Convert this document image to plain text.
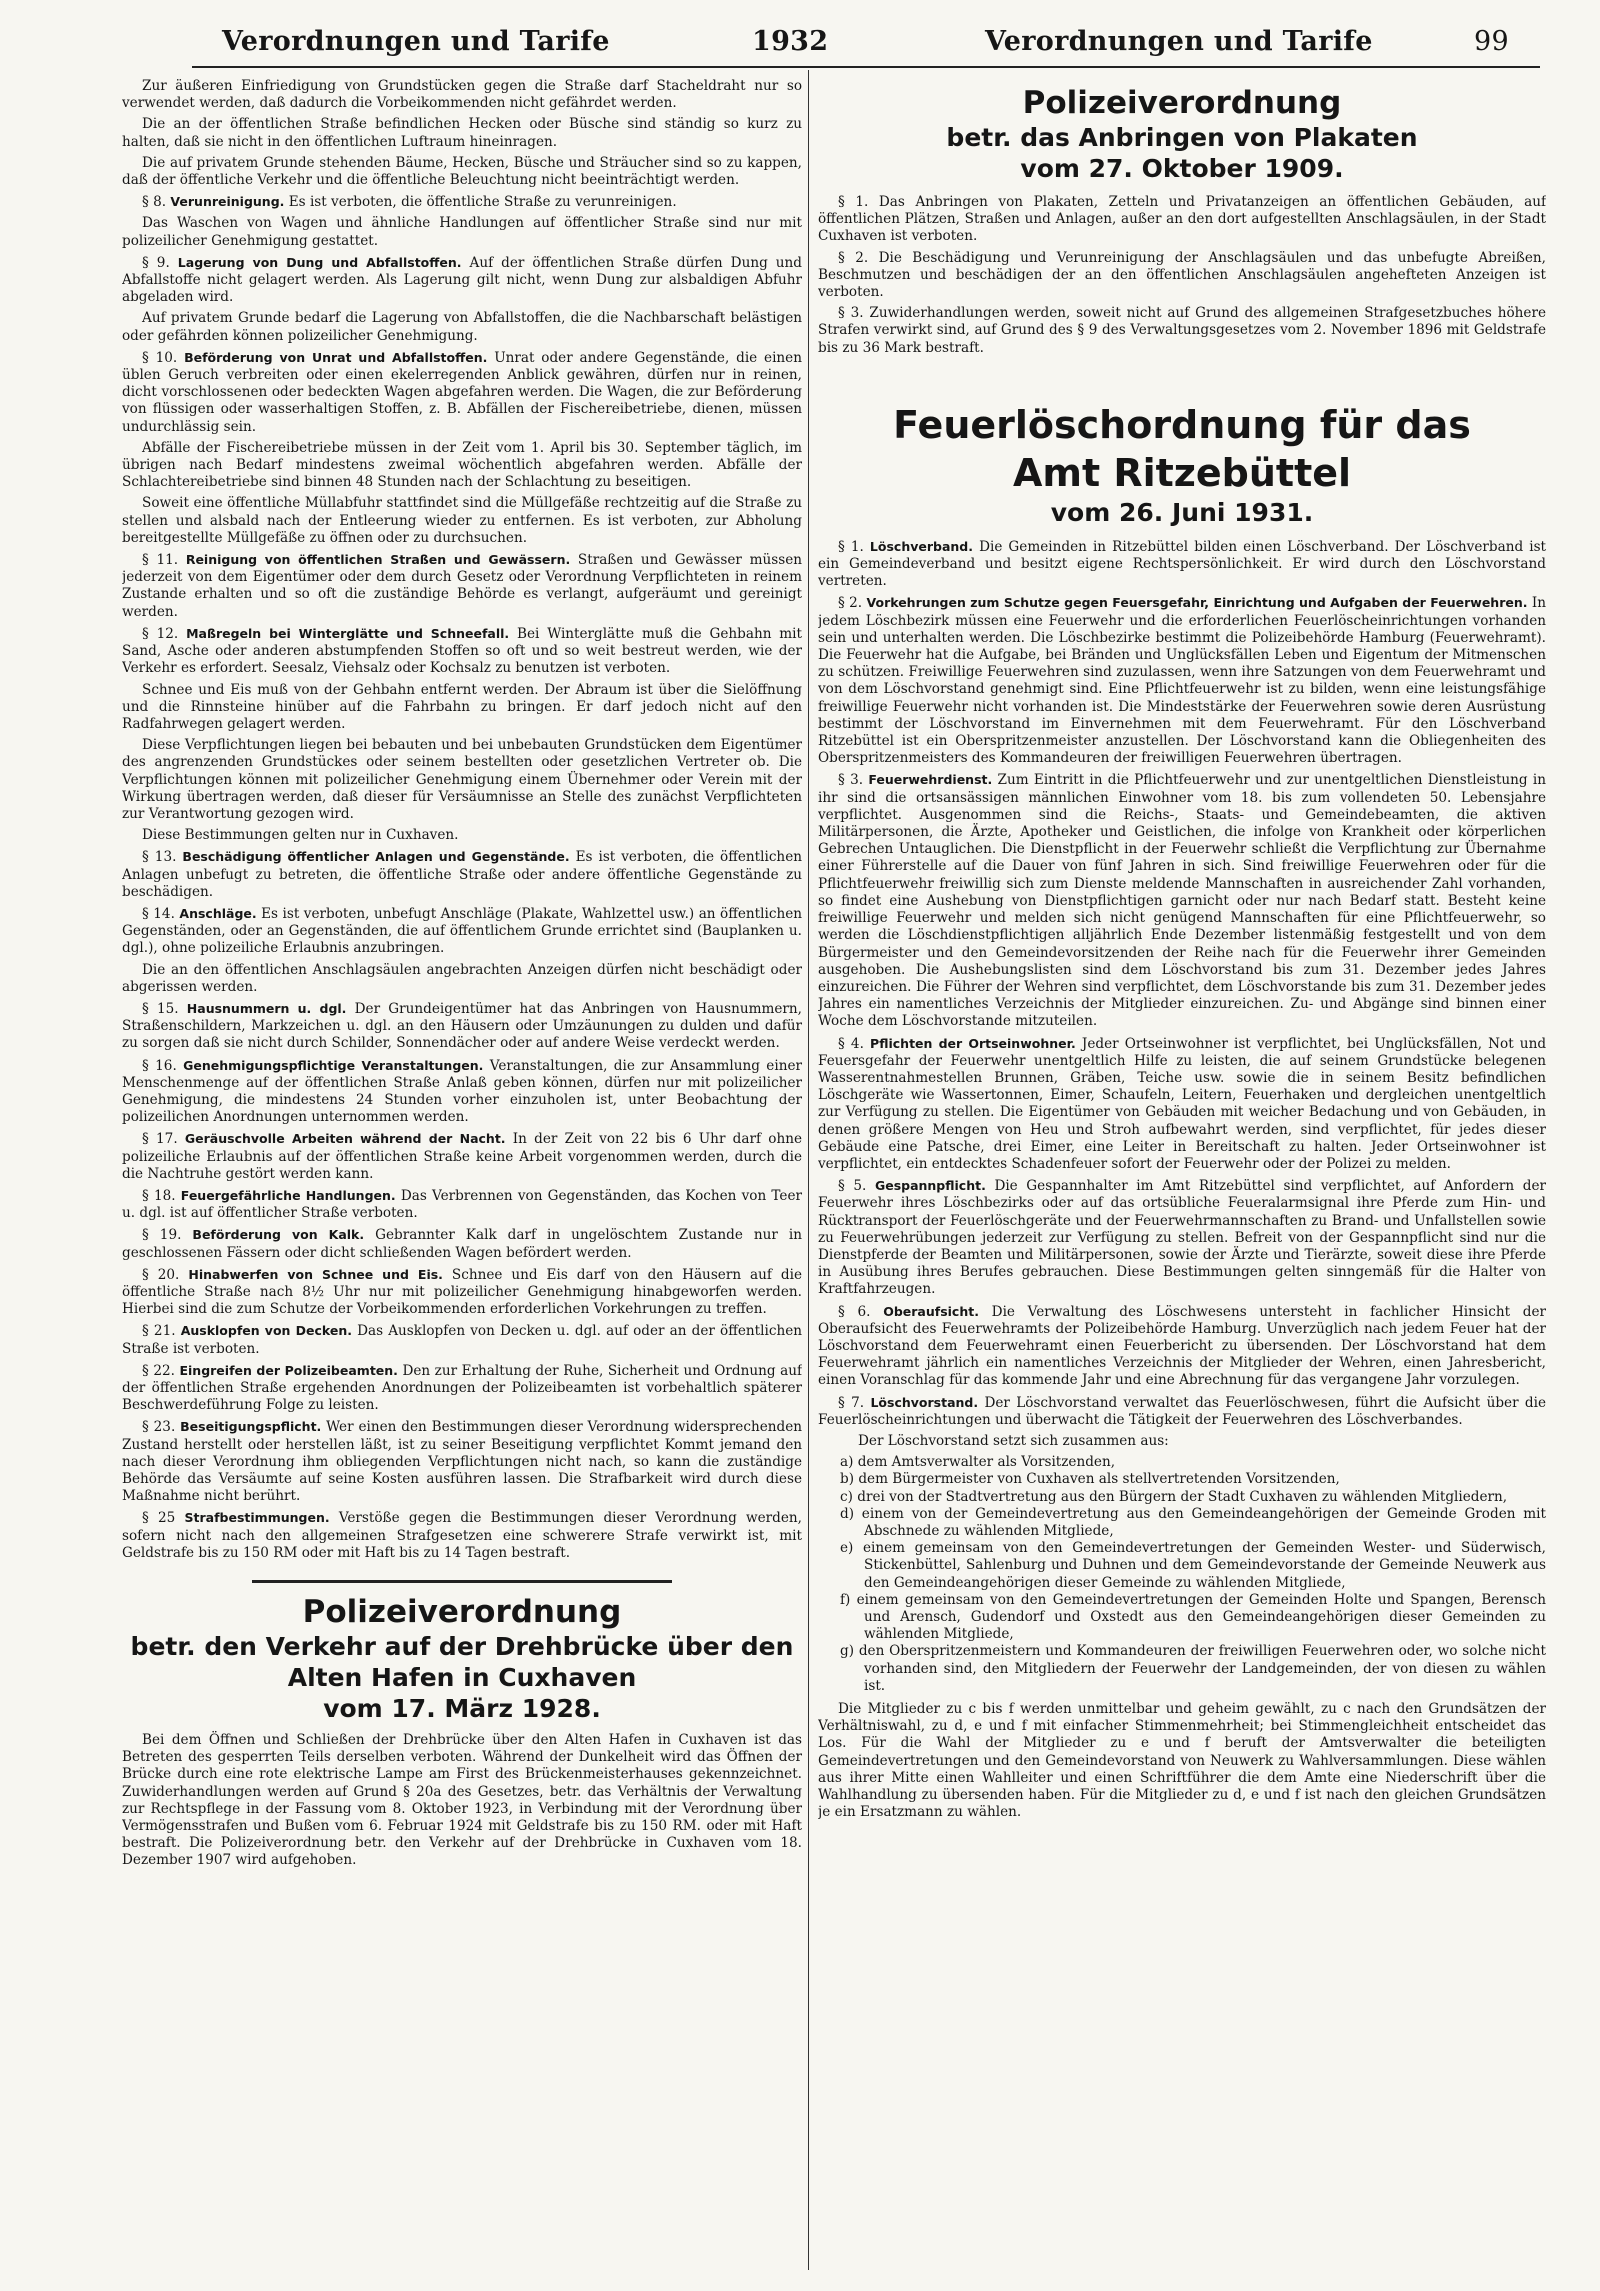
Verordnungen und Tarife	1932	Verordnungen und Tarife	99

Zur äußeren Einfriedigung von Grundstücken gegen die Straße darf Stacheldraht nur so verwendet werden, daß dadurch die Vorbeikommenden nicht gefährdet werden.

Die an der öffentlichen Straße befindlichen Hecken oder Büsche sind ständig so kurz zu halten, daß sie nicht in den öffentlichen Luftraum hineinragen.

Die auf privatem Grunde stehenden Bäume, Hecken, Büsche und Sträucher sind so zu kappen, daß der öffentliche Verkehr und die öffentliche Beleuchtung nicht beeinträchtigt werden.

§ 8. Verunreinigung. Es ist verboten, die öffentliche Straße zu verunreinigen.

Das Waschen von Wagen und ähnliche Handlungen auf öffentlicher Straße sind nur mit polizeilicher Genehmigung gestattet.

§ 9. Lagerung von Dung und Abfallstoffen. Auf der öffentlichen Straße dürfen Dung und Abfallstoffe nicht gelagert werden. Als Lagerung gilt nicht, wenn Dung zur alsbaldigen Abfuhr abgeladen wird.

Auf privatem Grunde bedarf die Lagerung von Abfallstoffen, die die Nachbarschaft belästigen oder gefährden können polizeilicher Genehmigung.

§ 10. Beförderung von Unrat und Abfallstoffen. Unrat oder andere Gegenstände, die einen üblen Geruch verbreiten oder einen ekelerregenden Anblick gewähren, dürfen nur in reinen, dicht vorschlossenen oder bedeckten Wagen abgefahren werden. Die Wagen, die zur Beförderung von flüssigen oder wasserhaltigen Stoffen, z. B. Abfällen der Fischereibetriebe, dienen, müssen undurchlässig sein.

Abfälle der Fischereibetriebe müssen in der Zeit vom 1. April bis 30. September täglich, im übrigen nach Bedarf mindestens zweimal wöchentlich abgefahren werden. Abfälle der Schlachtereibetriebe sind binnen 48 Stunden nach der Schlachtung zu beseitigen.

Soweit eine öffentliche Müllabfuhr stattfindet sind die Müllgefäße rechtzeitig auf die Straße zu stellen und alsbald nach der Entleerung wieder zu entfernen. Es ist verboten, zur Abholung bereitgestellte Müllgefäße zu öffnen oder zu durchsuchen.

§ 11. Reinigung von öffentlichen Straßen und Gewässern. Straßen und Gewässer müssen jederzeit von dem Eigentümer oder dem durch Gesetz oder Verordnung Verpflichteten in reinem Zustande erhalten und so oft die zuständige Behörde es verlangt, aufgeräumt und gereinigt werden.

§ 12. Maßregeln bei Winterglätte und Schneefall. Bei Winterglätte muß die Gehbahn mit Sand, Asche oder anderen abstumpfenden Stoffen so oft und so weit bestreut werden, wie der Verkehr es erfordert. Seesalz, Viehsalz oder Kochsalz zu benutzen ist verboten.

Schnee und Eis muß von der Gehbahn entfernt werden. Der Abraum ist über die Sielöffnung und die Rinnsteine hinüber auf die Fahrbahn zu bringen. Er darf jedoch nicht auf den Radfahrwegen gelagert werden.

Diese Verpflichtungen liegen bei bebauten und bei unbebauten Grundstücken dem Eigentümer des angrenzenden Grundstückes oder seinem bestellten oder gesetzlichen Vertreter ob. Die Verpflichtungen können mit polizeilicher Genehmigung einem Übernehmer oder Verein mit der Wirkung übertragen werden, daß dieser für Versäumnisse an Stelle des zunächst Verpflichteten zur Verantwortung gezogen wird.

Diese Bestimmungen gelten nur in Cuxhaven.

§ 13. Beschädigung öffentlicher Anlagen und Gegenstände. Es ist verboten, die öffentlichen Anlagen unbefugt zu betreten, die öffentliche Straße oder andere öffentliche Gegenstände zu beschädigen.

§ 14. Anschläge. Es ist verboten, unbefugt Anschläge (Plakate, Wahlzettel usw.) an öffentlichen Gegenständen, oder an Gegenständen, die auf öffentlichem Grunde errichtet sind (Bauplanken u. dgl.), ohne polizeiliche Erlaubnis anzubringen.

Die an den öffentlichen Anschlagsäulen angebrachten Anzeigen dürfen nicht beschädigt oder abgerissen werden.

§ 15. Hausnummern u. dgl. Der Grundeigentümer hat das Anbringen von Hausnummern, Straßenschildern, Markzeichen u. dgl. an den Häusern oder Umzäunungen zu dulden und dafür zu sorgen daß sie nicht durch Schilder, Sonnendächer oder auf andere Weise verdeckt werden.

§ 16. Genehmigungspflichtige Veranstaltungen. Veranstaltungen, die zur Ansammlung einer Menschenmenge auf der öffentlichen Straße Anlaß geben können, dürfen nur mit polizeilicher Genehmigung, die mindestens 24 Stunden vorher einzuholen ist, unter Beobachtung der polizeilichen Anordnungen unternommen werden.

§ 17. Geräuschvolle Arbeiten während der Nacht. In der Zeit von 22 bis 6 Uhr darf ohne polizeiliche Erlaubnis auf der öffentlichen Straße keine Arbeit vorgenommen werden, durch die die Nachtruhe gestört werden kann.

§ 18. Feuergefährliche Handlungen. Das Verbrennen von Gegenständen, das Kochen von Teer u. dgl. ist auf öffentlicher Straße verboten.

§ 19. Beförderung von Kalk. Gebrannter Kalk darf in ungelöschtem Zustande nur in geschlossenen Fässern oder dicht schließenden Wagen befördert werden.

§ 20. Hinabwerfen von Schnee und Eis. Schnee und Eis darf von den Häusern auf die öffentliche Straße nach 8½ Uhr nur mit polizeilicher Genehmigung hinabgeworfen werden. Hierbei sind die zum Schutze der Vorbeikommenden erforderlichen Vorkehrungen zu treffen.

§ 21. Ausklopfen von Decken. Das Ausklopfen von Decken u. dgl. auf oder an der öffentlichen Straße ist verboten.

§ 22. Eingreifen der Polizeibeamten. Den zur Erhaltung der Ruhe, Sicherheit und Ordnung auf der öffentlichen Straße ergehenden Anordnungen der Polizeibeamten ist vorbehaltlich späterer Beschwerdeführung Folge zu leisten.

§ 23. Beseitigungspflicht. Wer einen den Bestimmungen dieser Verordnung widersprechenden Zustand herstellt oder herstellen läßt, ist zu seiner Beseitigung verpflichtet Kommt jemand den nach dieser Verordnung ihm obliegenden Verpflichtungen nicht nach, so kann die zuständige Behörde das Versäumte auf seine Kosten ausführen lassen. Die Strafbarkeit wird durch diese Maßnahme nicht berührt.

§ 25 Strafbestimmungen. Verstöße gegen die Bestimmungen dieser Verordnung werden, sofern nicht nach den allgemeinen Strafgesetzen eine schwerere Strafe verwirkt ist, mit Geldstrafe bis zu 150 RM oder mit Haft bis zu 14 Tagen bestraft.

Polizeiverordnung
betr. den Verkehr auf der Drehbrücke über den
Alten Hafen in Cuxhaven
vom 17. März 1928.

Bei dem Öffnen und Schließen der Drehbrücke über den Alten Hafen in Cuxhaven ist das Betreten des gesperrten Teils derselben verboten. Während der Dunkelheit wird das Öffnen der Brücke durch eine rote elektrische Lampe am First des Brückenmeisterhauses gekennzeichnet. Zuwiderhandlungen werden auf Grund § 20a des Gesetzes, betr. das Verhältnis der Verwaltung zur Rechtspflege in der Fassung vom 8. Oktober 1923, in Verbindung mit der Verordnung über Vermögensstrafen und Bußen vom 6. Februar 1924 mit Geldstrafe bis zu 150 RM. oder mit Haft bestraft. Die Polizeiverordnung betr. den Verkehr auf der Drehbrücke in Cuxhaven vom 18. Dezember 1907 wird aufgehoben.

Polizeiverordnung
betr. das Anbringen von Plakaten
vom 27. Oktober 1909.

§ 1. Das Anbringen von Plakaten, Zetteln und Privatanzeigen an öffentlichen Gebäuden, auf öffentlichen Plätzen, Straßen und Anlagen, außer an den dort aufgestellten Anschlagsäulen, in der Stadt Cuxhaven ist verboten.

§ 2. Die Beschädigung und Verunreinigung der Anschlagsäulen und das unbefugte Abreißen, Beschmutzen und beschädigen der an den öffentlichen Anschlagsäulen angehefteten Anzeigen ist verboten.

§ 3. Zuwiderhandlungen werden, soweit nicht auf Grund des allgemeinen Strafgesetzbuches höhere Strafen verwirkt sind, auf Grund des § 9 des Verwaltungsgesetzes vom 2. November 1896 mit Geldstrafe bis zu 36 Mark bestraft.

Feuerlöschordnung für das
Amt Ritzebüttel
vom 26. Juni 1931.

§ 1. Löschverband. Die Gemeinden in Ritzebüttel bilden einen Löschverband. Der Löschverband ist ein Gemeindeverband und besitzt eigene Rechtspersönlichkeit. Er wird durch den Löschvorstand vertreten.

§ 2. Vorkehrungen zum Schutze gegen Feuersgefahr, Einrichtung und Aufgaben der Feuerwehren. In jedem Löschbezirk müssen eine Feuerwehr und die erforderlichen Feuerlöscheinrichtungen vorhanden sein und unterhalten werden. Die Löschbezirke bestimmt die Polizeibehörde Hamburg (Feuerwehramt). Die Feuerwehr hat die Aufgabe, bei Bränden und Unglücksfällen Leben und Eigentum der Mitmenschen zu schützen. Freiwillige Feuerwehren sind zuzulassen, wenn ihre Satzungen von dem Feuerwehramt und von dem Löschvorstand genehmigt sind. Eine Pflichtfeuerwehr ist zu bilden, wenn eine leistungsfähige freiwillige Feuerwehr nicht vorhanden ist. Die Mindeststärke der Feuerwehren sowie deren Ausrüstung bestimmt der Löschvorstand im Einvernehmen mit dem Feuerwehramt. Für den Löschverband Ritzebüttel ist ein Oberspritzenmeister anzustellen. Der Löschvorstand kann die Obliegenheiten des Oberspritzenmeisters des Kommandeuren der freiwilligen Feuerwehren übertragen.

§ 3. Feuerwehrdienst. Zum Eintritt in die Pflichtfeuerwehr und zur unentgeltlichen Dienstleistung in ihr sind die ortsansässigen männlichen Einwohner vom 18. bis zum vollendeten 50. Lebensjahre verpflichtet. Ausgenommen sind die Reichs-, Staats- und Gemeindebeamten, die aktiven Militärpersonen, die Ärzte, Apotheker und Geistlichen, die infolge von Krankheit oder körperlichen Gebrechen Untauglichen. Die Dienstpflicht in der Feuerwehr schließt die Verpflichtung zur Übernahme einer Führerstelle auf die Dauer von fünf Jahren in sich. Sind freiwillige Feuerwehren oder für die Pflichtfeuerwehr freiwillig sich zum Dienste meldende Mannschaften in ausreichender Zahl vorhanden, so findet eine Aushebung von Dienstpflichtigen garnicht oder nur nach Bedarf statt. Besteht keine freiwillige Feuerwehr und melden sich nicht genügend Mannschaften für eine Pflichtfeuerwehr, so werden die Löschdienstpflichtigen alljährlich Ende Dezember listenmäßig festgestellt und von dem Bürgermeister und den Gemeindevorsitzenden der Reihe nach für die Feuerwehr ihrer Gemeinden ausgehoben. Die Aushebungslisten sind dem Löschvorstand bis zum 31. Dezember jedes Jahres einzureichen. Die Führer der Wehren sind verpflichtet, dem Löschvorstande bis zum 31. Dezember jedes Jahres ein namentliches Verzeichnis der Mitglieder einzureichen. Zu- und Abgänge sind binnen einer Woche dem Löschvorstande mitzuteilen.

§ 4. Pflichten der Ortseinwohner. Jeder Ortseinwohner ist verpflichtet, bei Unglücksfällen, Not und Feuersgefahr der Feuerwehr unentgeltlich Hilfe zu leisten, die auf seinem Grundstücke belegenen Wasserentnahmestellen Brunnen, Gräben, Teiche usw. sowie die in seinem Besitz befindlichen Löschgeräte wie Wassertonnen, Eimer, Schaufeln, Leitern, Feuerhaken und dergleichen unentgeltlich zur Verfügung zu stellen. Die Eigentümer von Gebäuden mit weicher Bedachung und von Gebäuden, in denen größere Mengen von Heu und Stroh aufbewahrt werden, sind verpflichtet, für jedes dieser Gebäude eine Patsche, drei Eimer, eine Leiter in Bereitschaft zu halten. Jeder Ortseinwohner ist verpflichtet, ein entdecktes Schadenfeuer sofort der Feuerwehr oder der Polizei zu melden.

§ 5. Gespannpflicht. Die Gespannhalter im Amt Ritzebüttel sind verpflichtet, auf Anfordern der Feuerwehr ihres Löschbezirks oder auf das ortsübliche Feueralarmsignal ihre Pferde zum Hin- und Rücktransport der Feuerlöschgeräte und der Feuerwehrmannschaften zu Brand- und Unfallstellen sowie zu Feuerwehrübungen jederzeit zur Verfügung zu stellen. Befreit von der Gespannpflicht sind nur die Dienstpferde der Beamten und Militärpersonen, sowie der Ärzte und Tierärzte, soweit diese ihre Pferde in Ausübung ihres Berufes gebrauchen. Diese Bestimmungen gelten sinngemäß für die Halter von Kraftfahrzeugen.

§ 6. Oberaufsicht. Die Verwaltung des Löschwesens untersteht in fachlicher Hinsicht der Oberaufsicht des Feuerwehramts der Polizeibehörde Hamburg. Unverzüglich nach jedem Feuer hat der Löschvorstand dem Feuerwehramt einen Feuerbericht zu übersenden. Der Löschvorstand hat dem Feuerwehramt jährlich ein namentliches Verzeichnis der Mitglieder der Wehren, einen Jahresbericht, einen Voranschlag für das kommende Jahr und eine Abrechnung für das vergangene Jahr vorzulegen.

§ 7. Löschvorstand. Der Löschvorstand verwaltet das Feuerlöschwesen, führt die Aufsicht über die Feuerlöscheinrichtungen und überwacht die Tätigkeit der Feuerwehren des Löschverbandes.

Der Löschvorstand setzt sich zusammen aus:

a) dem Amtsverwalter als Vorsitzenden,
b) dem Bürgermeister von Cuxhaven als stellvertretenden Vorsitzenden,
c) drei von der Stadtvertretung aus den Bürgern der Stadt Cuxhaven zu wählenden Mitgliedern,
d) einem von der Gemeindevertretung aus den Gemeindeangehörigen der Gemeinde Groden mit Abschnede zu wählenden Mitgliede,
e) einem gemeinsam von den Gemeindevertretungen der Gemeinden Wester- und Süderwisch, Stickenbüttel, Sahlenburg und Duhnen und dem Gemeindevorstande der Gemeinde Neuwerk aus den Gemeindeangehörigen dieser Gemeinde zu wählenden Mitgliede,
f) einem gemeinsam von den Gemeindevertretungen der Gemeinden Holte und Spangen, Berensch und Arensch, Gudendorf und Oxstedt aus den Gemeindeangehörigen dieser Gemeinden zu wählenden Mitgliede,
g) den Oberspritzenmeistern und Kommandeuren der freiwilligen Feuerwehren oder, wo solche nicht vorhanden sind, den Mitgliedern der Feuerwehr der Landgemeinden, der von diesen zu wählen ist.

Die Mitglieder zu c bis f werden unmittelbar und geheim gewählt, zu c nach den Grundsätzen der Verhältniswahl, zu d, e und f mit einfacher Stimmenmehrheit; bei Stimmengleichheit entscheidet das Los. Für die Wahl der Mitglieder zu e und f beruft der Amtsverwalter die beteiligten Gemeindevertretungen und den Gemeindevorstand von Neuwerk zu Wahlversammlungen. Diese wählen aus ihrer Mitte einen Wahlleiter und einen Schriftführer die dem Amte eine Niederschrift über die Wahlhandlung zu übersenden haben. Für die Mitglieder zu d, e und f ist nach den gleichen Grundsätzen je ein Ersatzmann zu wählen.
